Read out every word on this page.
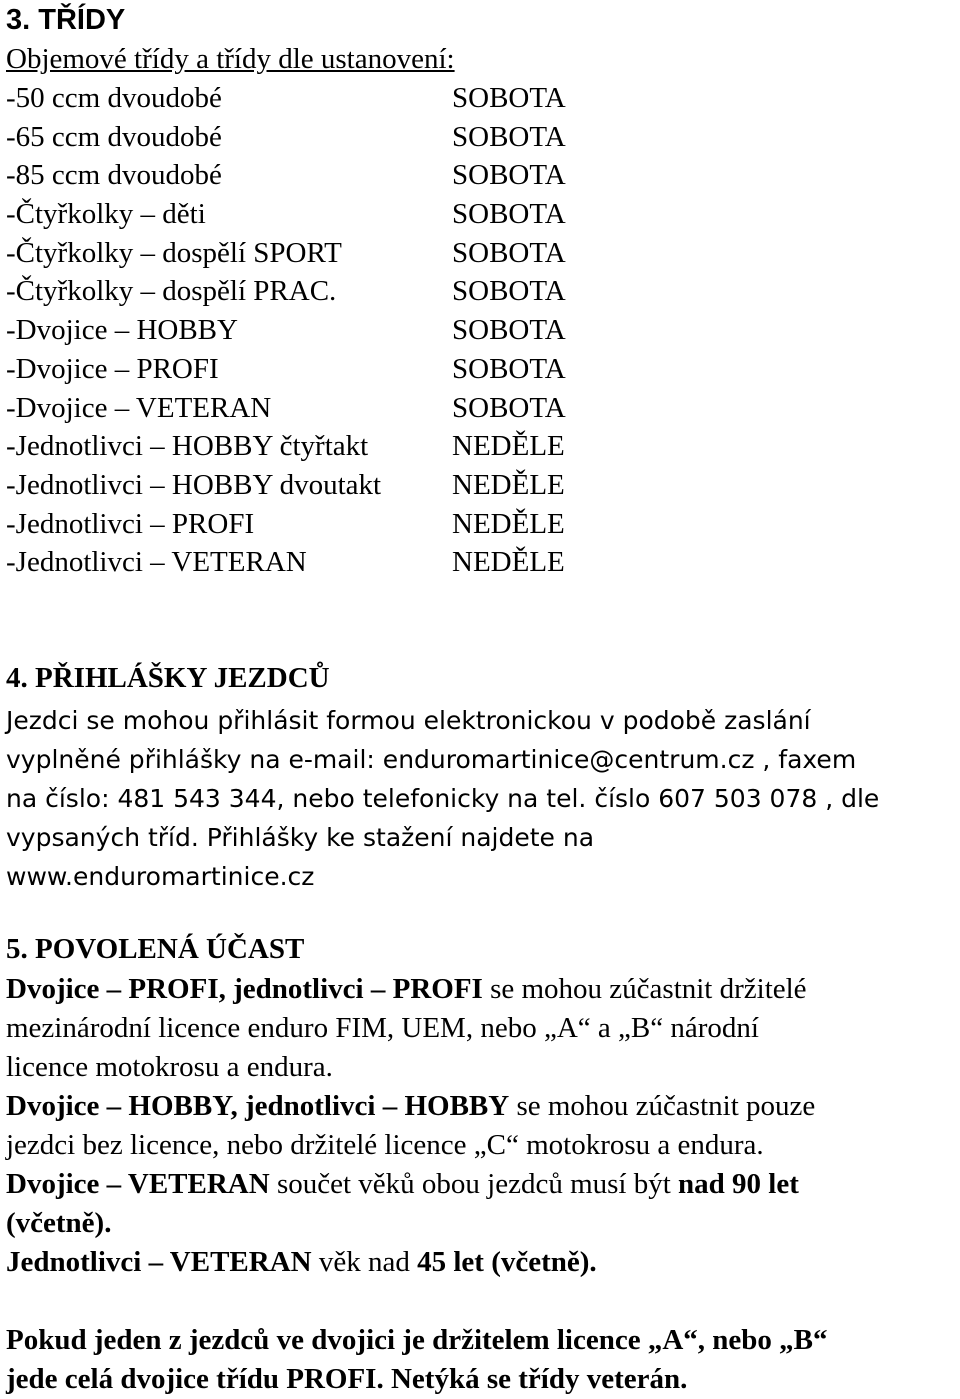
3. TŘÍDY
Objemové třídy a třídy dle ustanovení:
-50 ccm dvoudobé	SOBOTA
-65 ccm dvoudobé	SOBOTA
-85 ccm dvoudobé	SOBOTA
-Čtyřkolky – děti	SOBOTA
-Čtyřkolky – dospělí SPORT	SOBOTA
-Čtyřkolky – dospělí PRAC.	SOBOTA
-Dvojice – HOBBY	SOBOTA
-Dvojice – PROFI	SOBOTA
-Dvojice – VETERAN	SOBOTA
-Jednotlivci – HOBBY čtyřtakt	NEDĚLE
-Jednotlivci – HOBBY dvoutakt NEDĚLE
-Jednotlivci – PROFI	NEDĚLE
-Jednotlivci – VETERAN	NEDĚLE
4. PŘIHLÁŠKY JEZDCŮ
Jezdci se mohou přihlásit formou elektronickou v podobě zaslání
vyplněné přihlášky na e-mail: enduromartinice@centrum.cz , faxem
na číslo: 481 543 344, nebo telefonicky na tel. číslo 607 503 078 , dle
vypsaných tříd. Přihlášky ke stažení najdete na
www.enduromartinice.cz
5. POVOLENÁ ÚČAST
Dvojice – PROFI, jednotlivci – PROFI se mohou zúčastnit držitelé
mezinárodní licence enduro FIM, UEM, nebo „A“ a „B“ národní
licence motokrosu a endura.
Dvojice – HOBBY, jednotlivci – HOBBY se mohou zúčastnit pouze
jezdci bez licence, nebo držitelé licence „C“ motokrosu a endura.
Dvojice – VETERAN součet věků obou jezdců musí být nad 90 let
(včetně).
Jednotlivci – VETERAN věk nad 45 let (včetně).
Pokud jeden z jezdců ve dvojici je držitelem licence „A“, nebo „B“
jede celá dvojice třídu PROFI. Netýká se třídy veterán.
